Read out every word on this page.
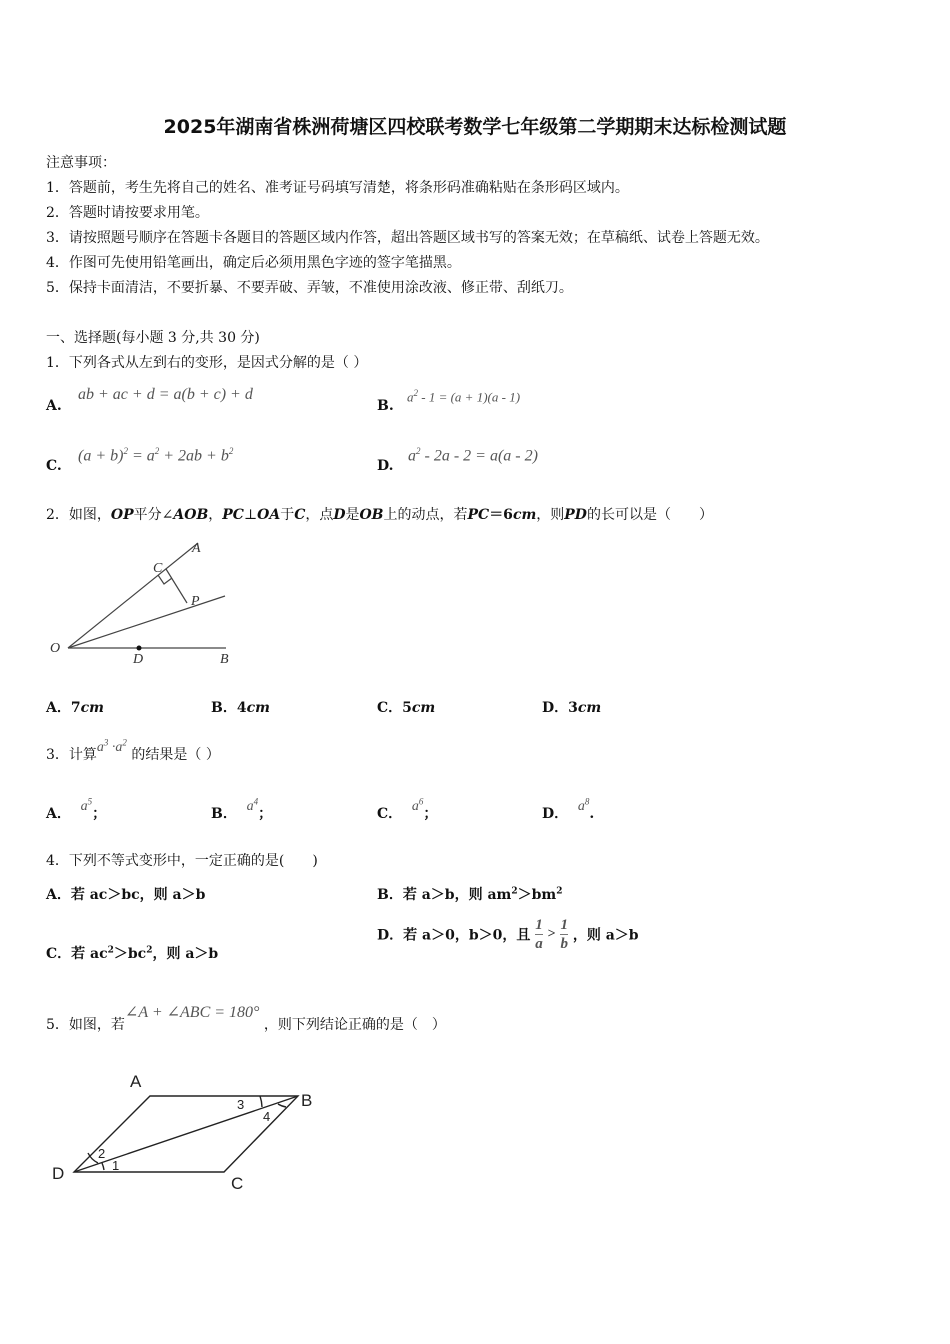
2025年湖南省株洲荷塘区四校联考数学七年级第二学期期末达标检测试题
注意事项：
1．答题前，考生先将自己的姓名、准考证号码填写清楚，将条形码准确粘贴在条形码区域内。
2．答题时请按要求用笔。
3．请按照题号顺序在答题卡各题目的答题区域内作答，超出答题区域书写的答案无效；在草稿纸、试卷上答题无效。
4．作图可先使用铅笔画出，确定后必须用黑色字迹的签字笔描黑。
5．保持卡面清洁，不要折暴、不要弄破、弄皱，不准使用涂改液、修正带、刮纸刀。
一、选择题(每小题 3 分,共 30 分)
1．下列各式从左到右的变形，是因式分解的是（ ）
A.
ab + ac + d = a(b + c) + d
B.
$a^2 - 1 = (a + 1)(a - 1)$
C.
$(a + b)^2 = a^2 + 2ab + b^2$
D.
$a^2 - 2a - 2 = a(a - 2)$
2．如图，OP平分∠AOB，PC⊥OA于C，点D是OB上的动点，若PC＝6cm，则PD的长可以是（　　）
A
C
P
O
D	B
A．7cm	B．4cm	C．5cm	D．3cm
3．计算$a^3 \cdot a^2$ 的结果是（ ）
A． $a^5$；	B． $a^4$；	C． $a^6$；	D． $a^8$.
4．下列不等式变形中，一定正确的是(　　)
A．若 ac＞bc，则 a＞b	B．若 a＞b，则 $am^2>bm^2$
C．若 $ac^2>bc^2$，则 a＞b
D．若 a＞0，b＞0，且 $\frac{1}{a} > \frac{1}{b}$ ，则 a＞b
5．如图，若∠A + ∠ABC = 180° ，则下列结论正确的是（　）
A
B
D
C
1
2
3
4
